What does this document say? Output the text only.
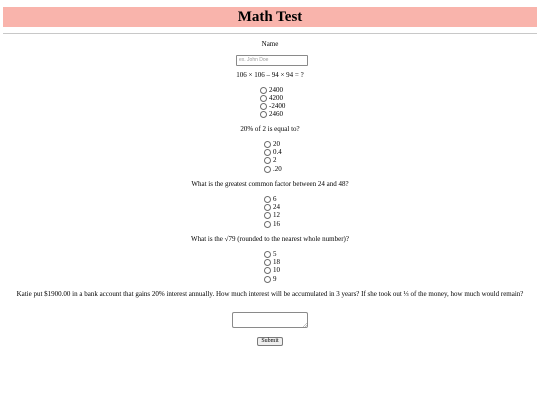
Math Test
Name
ex. John Doe
106 × 106 – 94 × 94 = ?
2400
4200
-2400
2460
20% of 2 is equal to?
20
0.4
2
.20
What is the greatest common factor between 24 and 48?
6
24
12
16
What is the √79 (rounded to the nearest whole number)?
5
18
10
9
Katie put $1900.00 in a bank account that gains 20% interest annually. How much interest will be accumulated in 3 years? If she took out ⅓ of the money, how much would remain?
Submit
